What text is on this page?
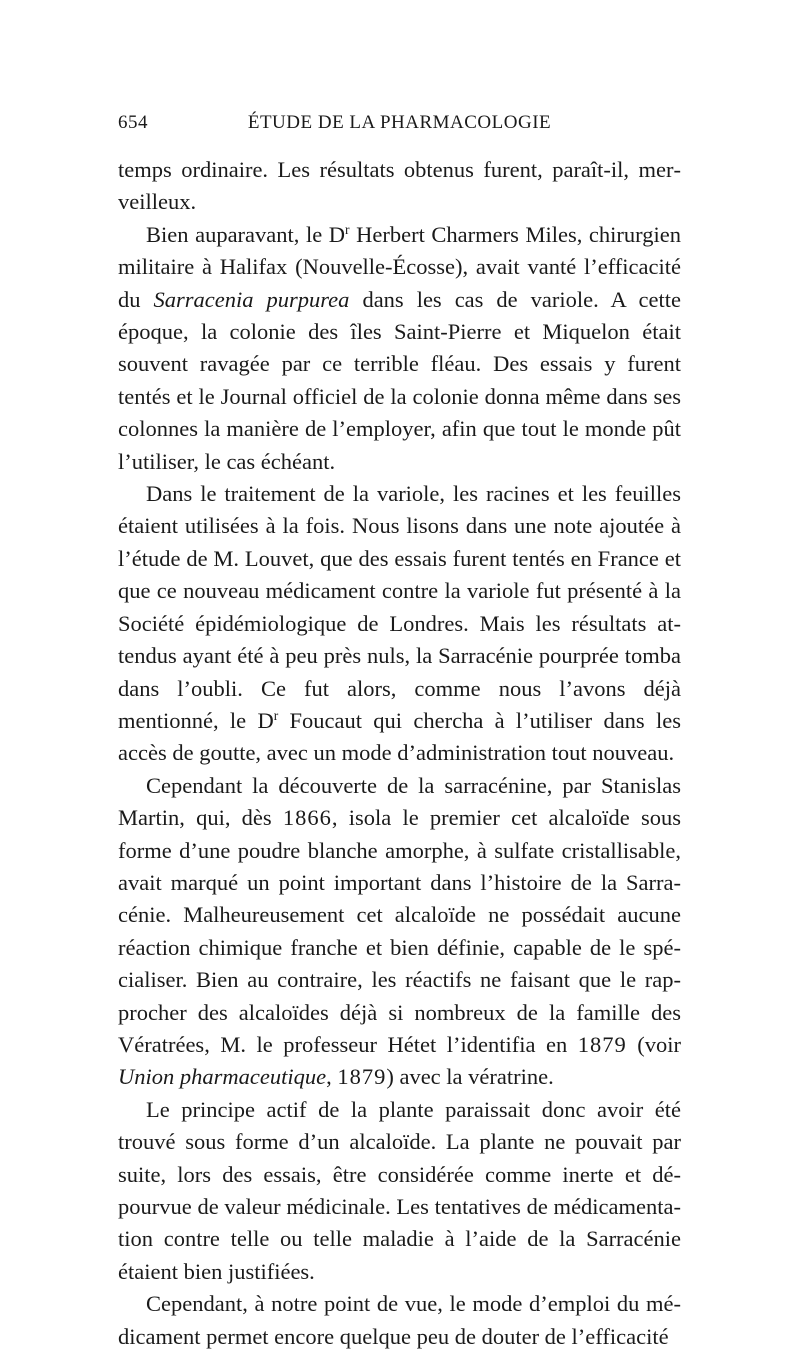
654	ÉTUDE DE LA PHARMACOLOGIE

temps ordinaire. Les résultats obtenus furent, paraît-il, merveilleux.

Bien auparavant, le $D^r$ Herbert Charmers Miles, chirurgien militaire à Halifax (Nouvelle-Écosse), avait vanté l’efficacité du Sarracenia purpurea dans les cas de variole. A cette époque, la colonie des îles Saint-Pierre et Miquelon était souvent ravagée par ce terrible fléau. Des essais y furent tentés et le Journal officiel de la colonie donna même dans ses colonnes la manière de l’employer, afin que tout le monde pût l’utiliser, le cas échéant.

Dans le traitement de la variole, les racines et les feuilles étaient utilisées à la fois. Nous lisons dans une note ajoutée à l’étude de M. Louvet, que des essais furent tentés en France et que ce nouveau médicament contre la variole fut présenté à la Société épidémiologique de Londres. Mais les résultats attendus ayant été à peu près nuls, la Sarracénie pourprée tomba dans l’oubli. Ce fut alors, comme nous l’avons déjà mentionné, le $D^r$ Foucaut qui chercha à l’utiliser dans les accès de goutte, avec un mode d’administration tout nouveau.

Cependant la découverte de la sarracénine, par Stanislas Martin, qui, dès 1866, isola le premier cet alcaloïde sous forme d’une poudre blanche amorphe, à sulfate cristallisable, avait marqué un point important dans l’histoire de la Sarracénie. Malheureusement cet alcaloïde ne possédait aucune réaction chimique franche et bien définie, capable de le spécialiser. Bien au contraire, les réactifs ne faisant que le rapprocher des alcaloïdes déjà si nombreux de la famille des Vératrées, M. le professeur Hétet l’identifia en 1879 (voir Union pharmaceutique, 1879) avec la vératrine.

Le principe actif de la plante paraissait donc avoir été trouvé sous forme d’un alcaloïde. La plante ne pouvait par suite, lors des essais, être considérée comme inerte et dépourvue de valeur médicinale. Les tentatives de médicamentation contre telle ou telle maladie à l’aide de la Sarracénie étaient bien justifiées.

Cependant, à notre point de vue, le mode d’emploi du médicament permet encore quelque peu de douter de l’efficacité
